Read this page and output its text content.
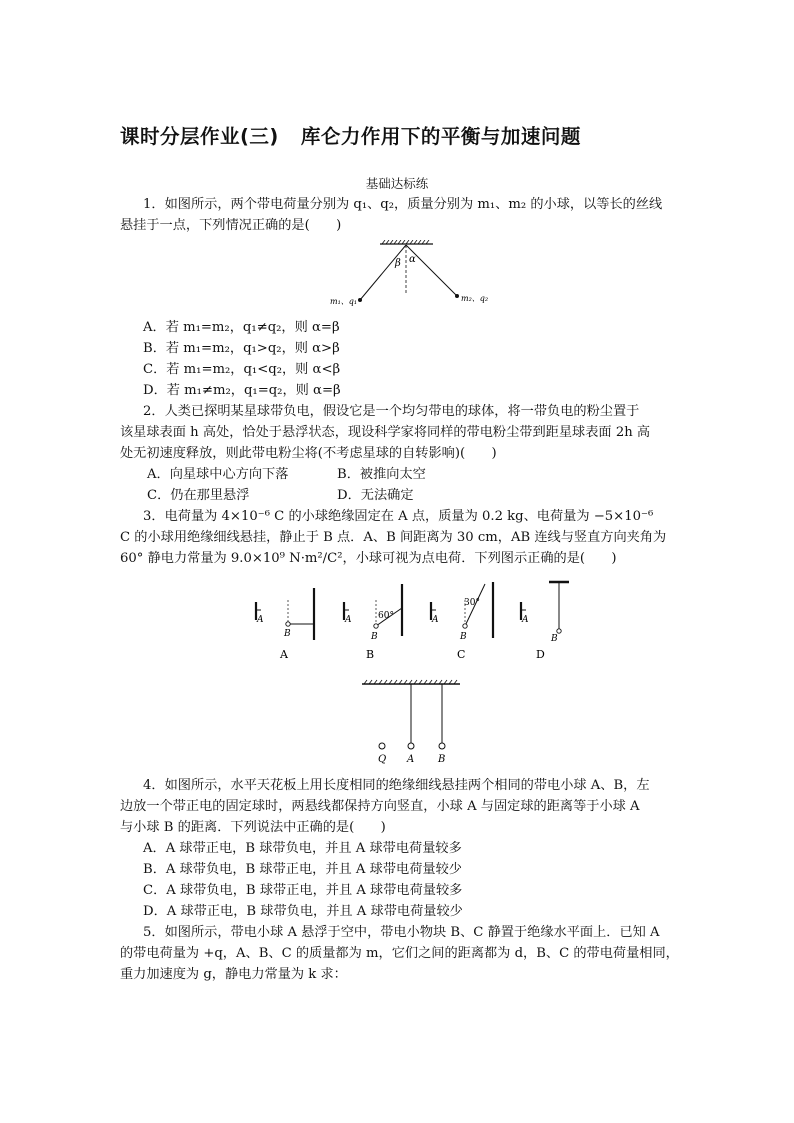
课时分层作业(三) 库仑力作用下的平衡与加速问题
基础达标练
1．如图所示，两个带电荷量分别为 q₁、q₂，质量分别为 m₁、m₂ 的小球，以等长的丝线
悬挂于一点，下列情况正确的是(　　)
β α
m₁、q₁	m₂、q₂
A．若 m₁=m₂，q₁≠q₂，则 α=β
B．若 m₁=m₂，q₁>q₂，则 α>β
C．若 m₁=m₂，q₁<q₂，则 α<β
D．若 m₁≠m₂，q₁=q₂，则 α=β
2．人类已探明某星球带负电，假设它是一个均匀带电的球体，将一带负电的粉尘置于
该星球表面 h 高处，恰处于悬浮状态，现设科学家将同样的带电粉尘带到距星球表面 2h 高
处无初速度释放，则此带电粉尘将(不考虑星球的自转影响)(　　)
A．向星球中心方向下落	B．被推向太空
C．仍在那里悬浮	D．无法确定
3．电荷量为 4×10⁻⁶ C 的小球绝缘固定在 A 点，质量为 0.2 kg、电荷量为 −5×10⁻⁶
C 的小球用绝缘细线悬挂，静止于 B 点．A、B 间距离为 30 cm，AB 连线与竖直方向夹角为
60° 静电力常量为 9.0×10⁹ N·m²/C²，小球可视为点电荷．下列图示正确的是(　　)
A
B
A
A
B
60°
B
A
B
30°
C
A
B
D
Q A B
4．如图所示，水平天花板上用长度相同的绝缘细线悬挂两个相同的带电小球 A、B，左
边放一个带正电的固定球时，两悬线都保持方向竖直，小球 A 与固定球的距离等于小球 A
与小球 B 的距离．下列说法中正确的是(　　)
A．A 球带正电，B 球带负电，并且 A 球带电荷量较多
B．A 球带负电，B 球带正电，并且 A 球带电荷量较少
C．A 球带负电，B 球带正电，并且 A 球带电荷量较多
D．A 球带正电，B 球带负电，并且 A 球带电荷量较少
5．如图所示，带电小球 A 悬浮于空中，带电小物块 B、C 静置于绝缘水平面上．已知 A
的带电荷量为 +q，A、B、C 的质量都为 m，它们之间的距离都为 d，B、C 的带电荷量相同，
重力加速度为 g，静电力常量为 k 求：
